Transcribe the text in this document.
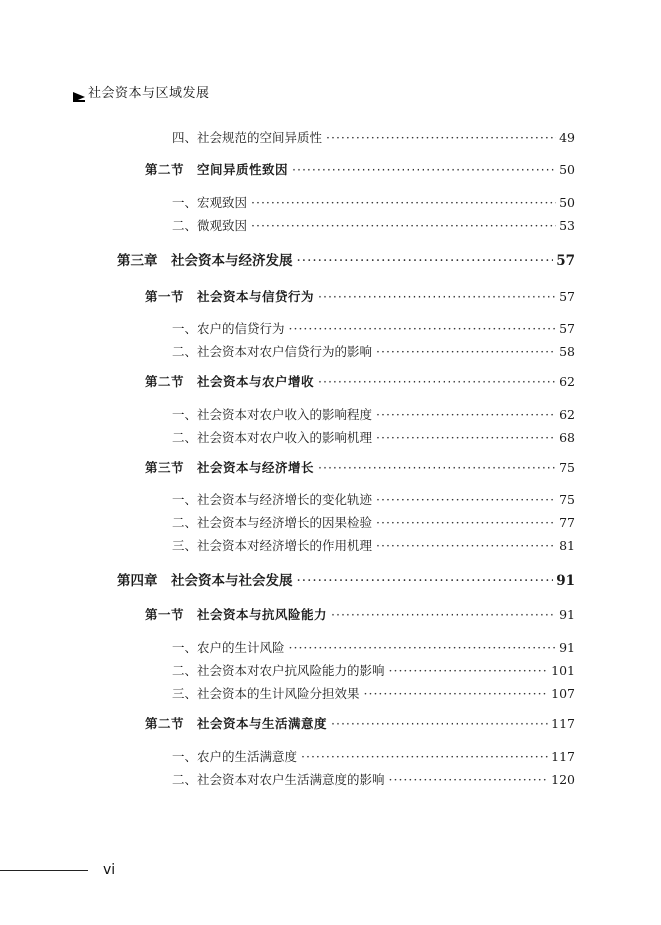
社会资本与区域发展
四、社会规范的空间异质性 ·····	49
第二节　空间异质性致因 ·····	50
一、宏观致因 ·····	50
二、微观致因 ·····	53
第三章　社会资本与经济发展 ·····	57
第一节　社会资本与信贷行为 ·····	57
一、农户的信贷行为 ·····	57
二、社会资本对农户信贷行为的影响 ·····	58
第二节　社会资本与农户增收 ·····	62
一、社会资本对农户收入的影响程度 ·····	62
二、社会资本对农户收入的影响机理 ·····	68
第三节　社会资本与经济增长 ·····	75
一、社会资本与经济增长的变化轨迹 ·····	75
二、社会资本与经济增长的因果检验 ·····	77
三、社会资本对经济增长的作用机理 ·····	81
第四章　社会资本与社会发展 ·····	91
第一节　社会资本与抗风险能力 ·····	91
一、农户的生计风险 ·····	91
二、社会资本对农户抗风险能力的影响 ·····	101
三、社会资本的生计风险分担效果 ·····	107
第二节　社会资本与生活满意度 ·····	117
一、农户的生活满意度 ·····	117
二、社会资本对农户生活满意度的影响 ·····	120
vi
